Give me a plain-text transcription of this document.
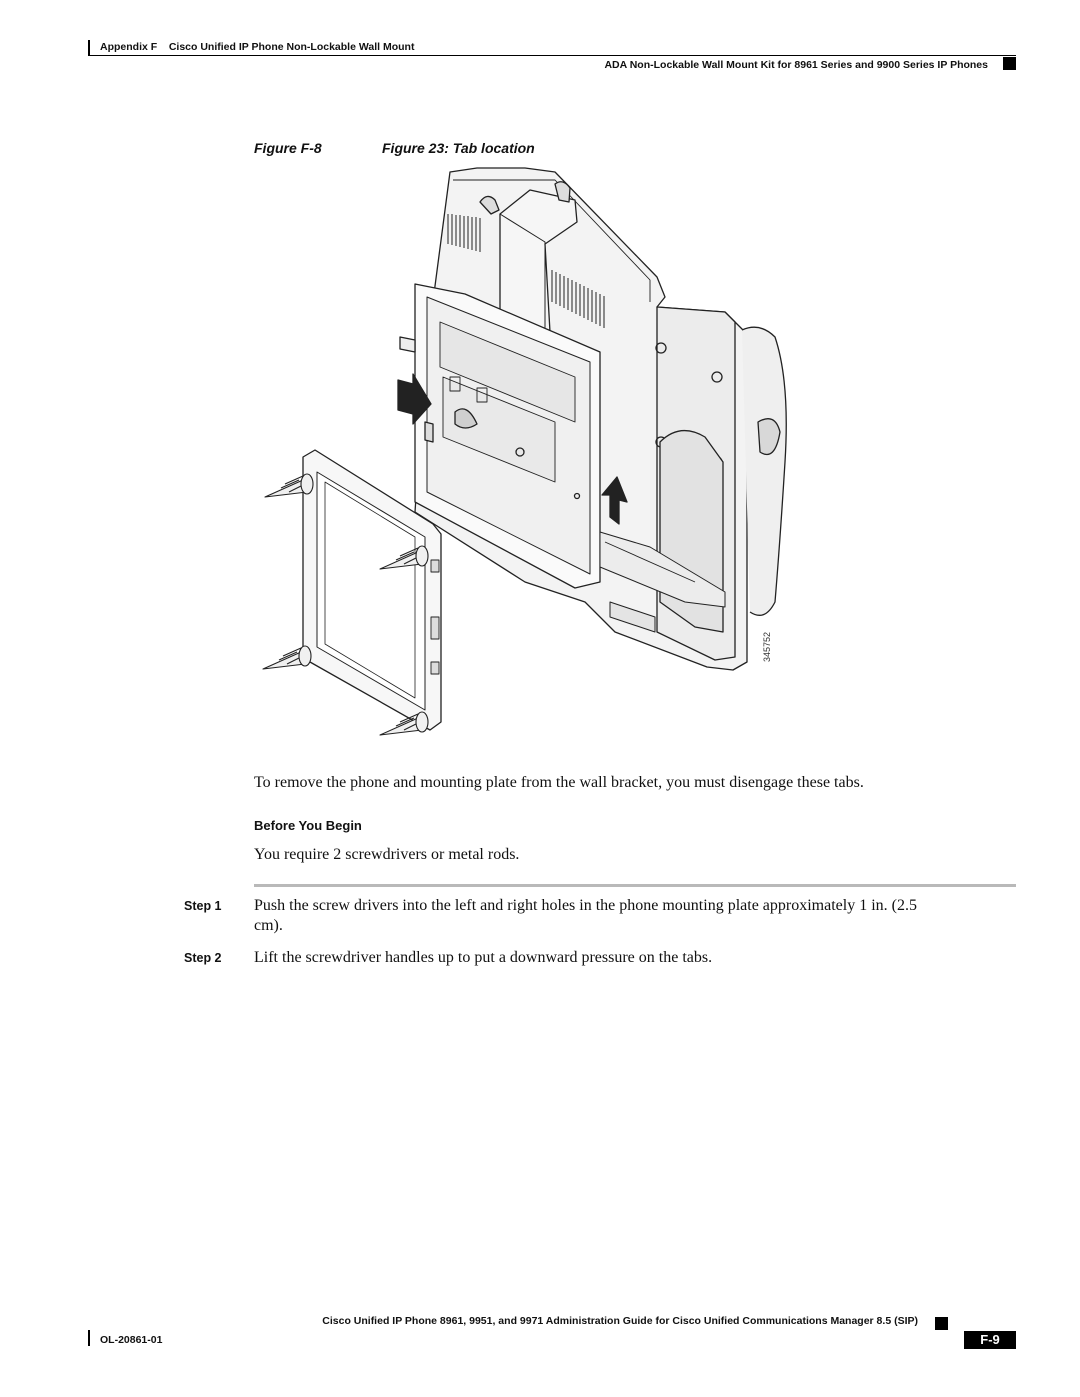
Appendix F Cisco Unified IP Phone Non-Lockable Wall Mount
ADA Non-Lockable Wall Mount Kit for 8961 Series and 9900 Series IP Phones
Figure F-8	Figure 23: Tab location
345752
To remove the phone and mounting plate from the wall bracket, you must disengage these tabs.
Before You Begin
You require 2 screwdrivers or metal rods.
Step 1 Push the screw drivers into the left and right holes in the phone mounting plate approximately 1 in. (2.5
cm).
Step 2 Lift the screwdriver handles up to put a downward pressure on the tabs.
Cisco Unified IP Phone 8961, 9951, and 9971 Administration Guide for Cisco Unified Communications Manager 8.5 (SIP)
OL-20861-01	F-9
